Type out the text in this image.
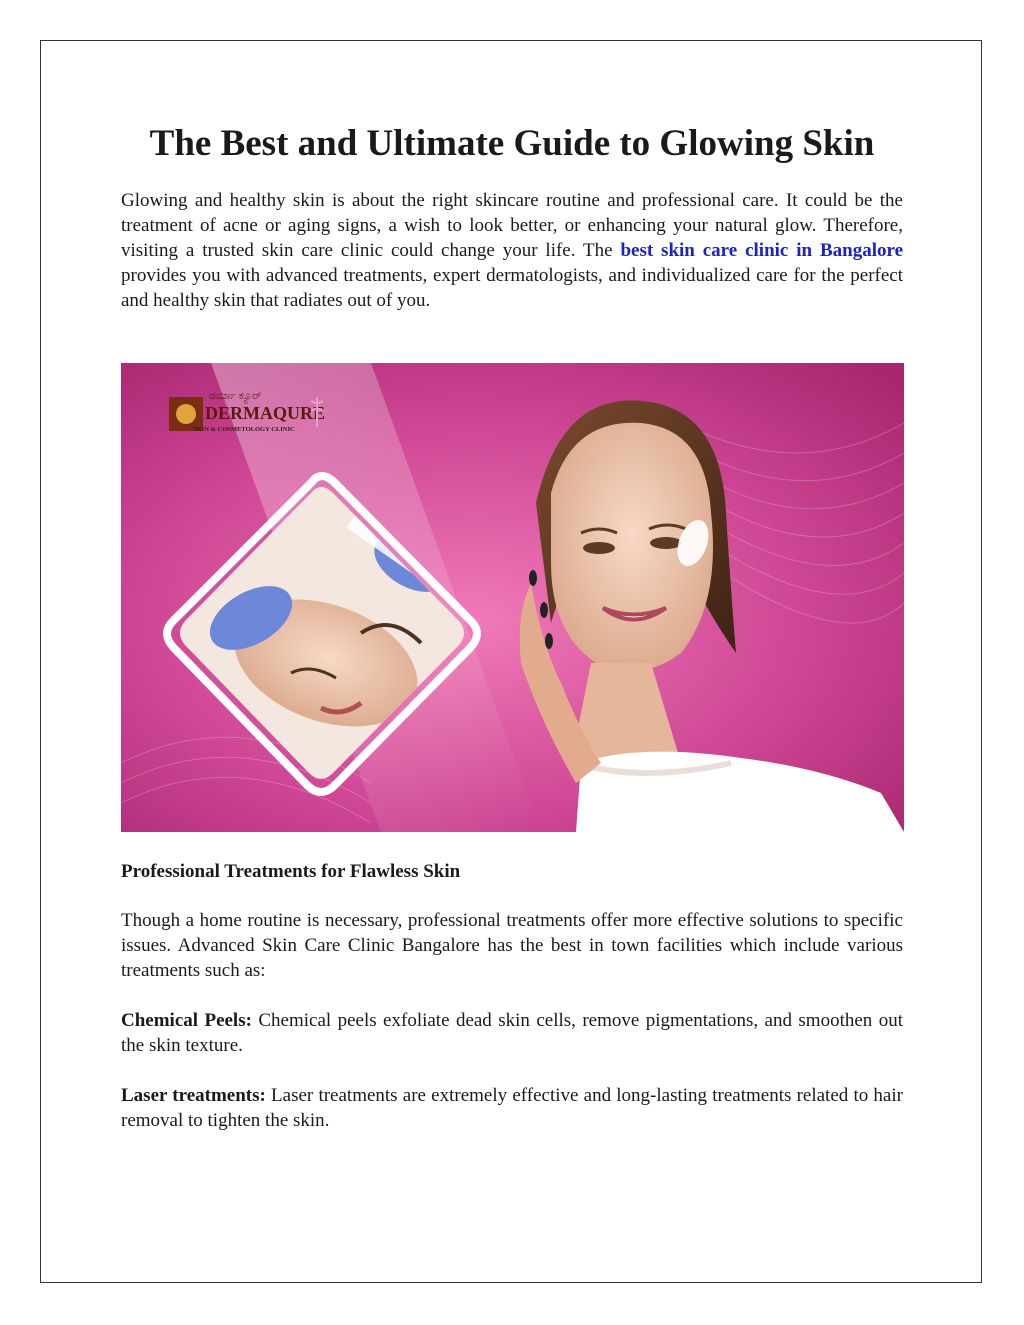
The Best and Ultimate Guide to Glowing Skin

Glowing and healthy skin is about the right skincare routine and professional care. It could be the treatment of acne or aging signs, a wish to look better, or enhancing your natural glow. Therefore, visiting a trusted skin care clinic could change your life. The best skin care clinic in Bangalore provides you with advanced treatments, expert dermatologists, and individualized care for the perfect and healthy skin that radiates out of you.

ಡರ್ಮಾ ಕ್ಯೂರ್
DERMA QURE
SKIN & COSMETOLOGY CLINIC
Professional Treatments for Flawless Skin

Though a home routine is necessary, professional treatments offer more effective solutions to specific issues. Advanced Skin Care Clinic Bangalore has the best in town facilities which include various treatments such as:

Chemical Peels: Chemical peels exfoliate dead skin cells, remove pigmentations, and smoothen out the skin texture.

Laser treatments: Laser treatments are extremely effective and long-lasting treatments related to hair removal to tighten the skin.
